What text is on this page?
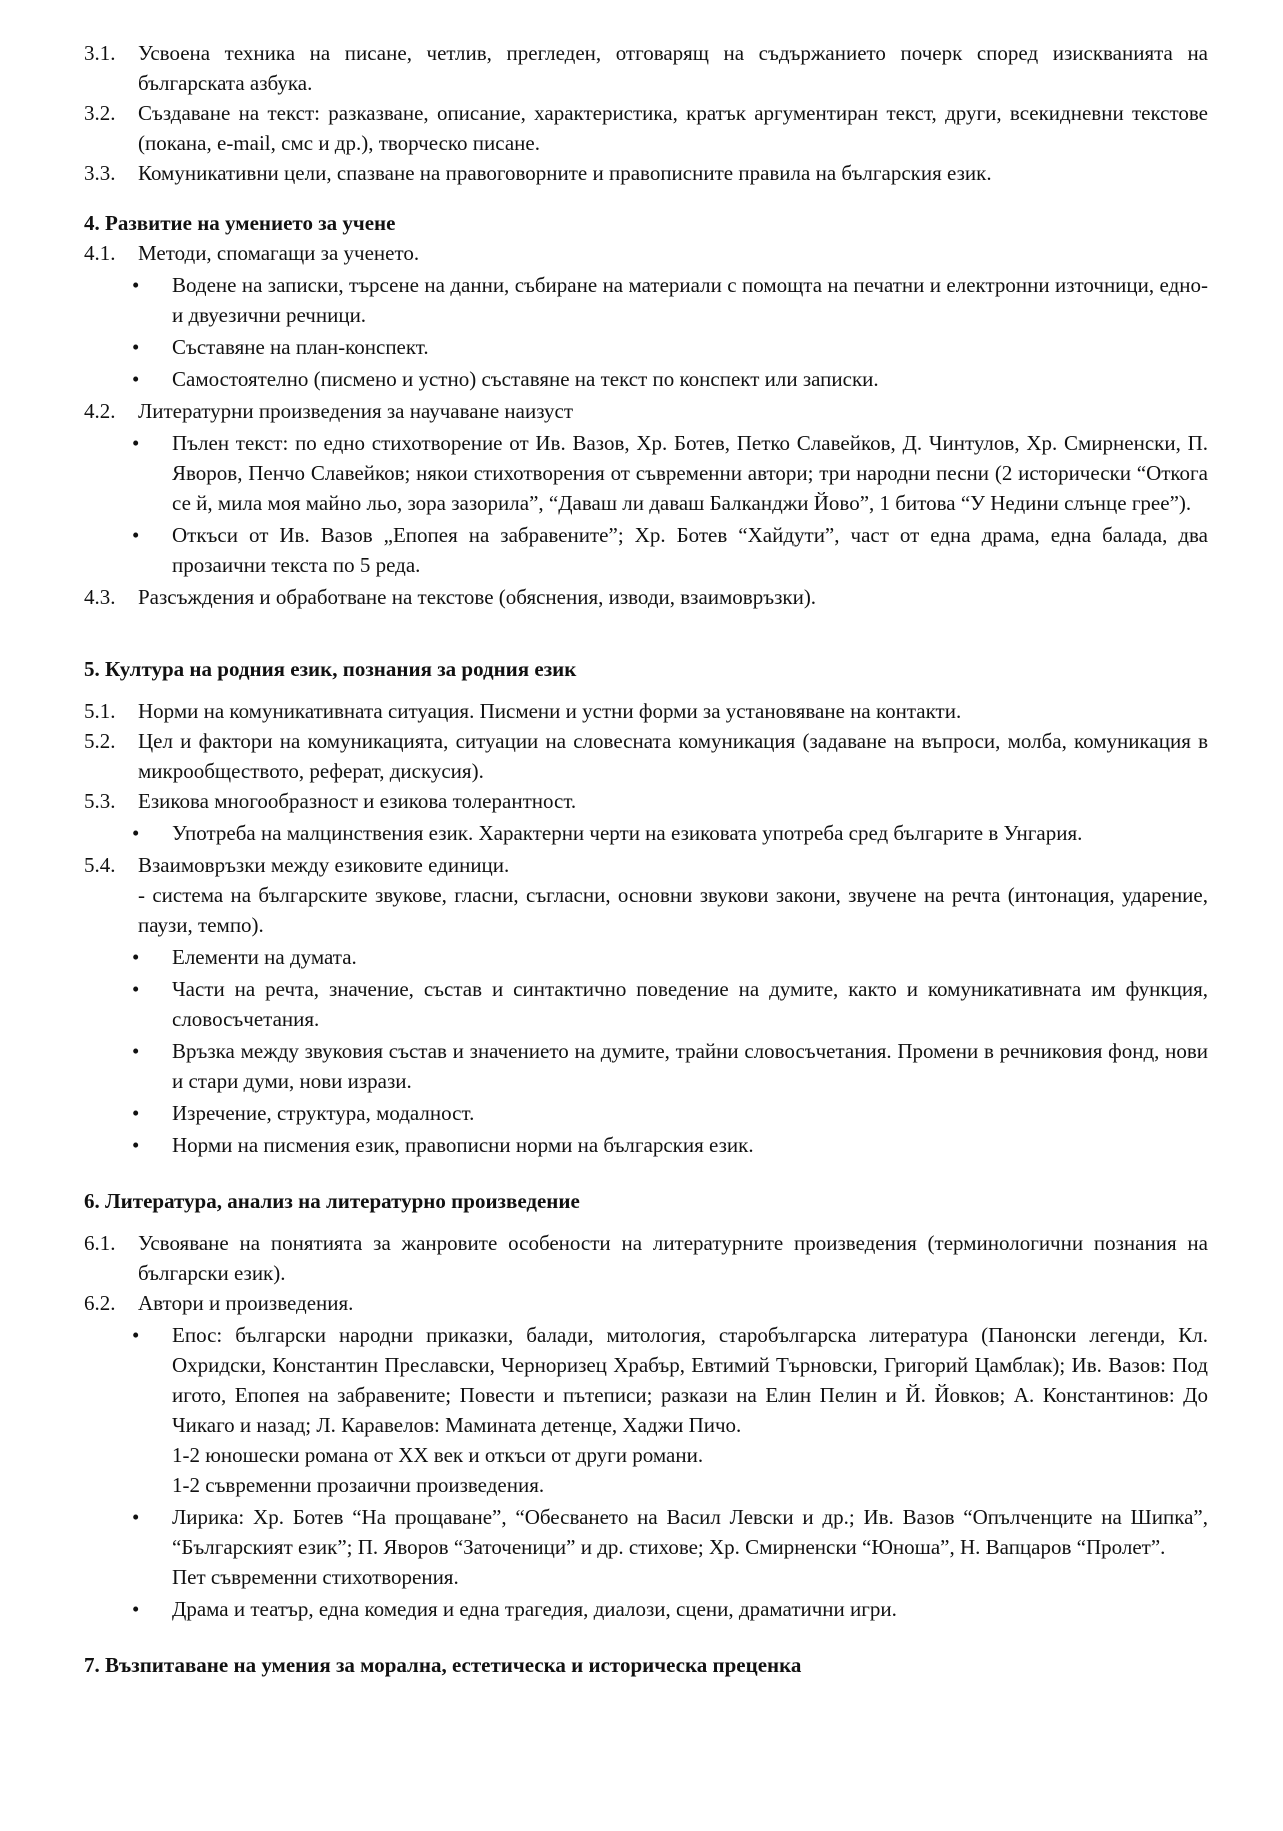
3.1. Усвоена техника на писане, четлив, прегледен, отговарящ на съдържанието почерк според изискванията на българската азбука.

3.2. Създаване на текст: разказване, описание, характеристика, кратък аргументиран текст, други, всекидневни текстове (покана, e-mail, смс и др.), творческо писане.

3.3. Комуникативни цели, спазване на правоговорните и правописните правила на българския език.

4. Развитие на умението за учене

4.1. Методи, спомагащи за ученето.

• Водене на записки, търсене на данни, събиране на материали с помощта на печатни и електронни източници, едно- и двуезични речници.
• Съставяне на план-конспект.
• Самостоятелно (писмено и устно) съставяне на текст по конспект или записки.

4.2. Литературни произведения за научаване наизуст

• Пълен текст: по едно стихотворение от Ив. Вазов, Хр. Ботев, Петко Славейков, Д. Чинтулов, Хр. Смирненски, П. Яворов, Пенчо Славейков; някои стихотворения от съвременни автори; три народни песни (2 исторически “Откога се й, мила моя майно льо, зора зазорила”, “Даваш ли даваш Балканджи Йово”, 1 битова “У Недини слънце грее”).
• Откъси от Ив. Вазов „Епопея на забравените”; Хр. Ботев “Хайдути”, част от една драма, една балада, два прозаични текста по 5 реда.

4.3. Разсъждения и обработване на текстове (обяснения, изводи, взаимовръзки).

5. Култура на родния език, познания за родния език

5.1. Норми на комуникативната ситуация. Писмени и устни форми за установяване на контакти.

5.2. Цел и фактори на комуникацията, ситуации на словесната комуникация (задаване на въпроси, молба, комуникация в микрообществото, реферат, дискусия).

5.3. Езикова многообразност и езикова толерантност.

• Употреба на малцинствения език. Характерни черти на езиковата употреба сред българите в Унгария.

5.4. Взаимовръзки между езиковите единици.

- система на българските звукове, гласни, съгласни, основни звукови закони, звучене на речта (интонация, ударение, паузи, темпо).

• Елементи на думата.
• Части на речта, значение, състав и синтактично поведение на думите, както и комуникативната им функция, словосъчетания.
• Връзка между звуковия състав и значението на думите, трайни словосъчетания. Промени в речниковия фонд, нови и стари думи, нови изрази.
• Изречение, структура, модалност.
• Норми на писмения език, правописни норми на българския език.

6. Литература, анализ на литературно произведение

6.1. Усвояване на понятията за жанровите особености на литературните произведения (терминологични познания на български език).

6.2. Автори и произведения.

• Епос: български народни приказки, балади, митология, старобългарска литература (Панонски легенди, Кл. Охридски, Константин Преславски, Черноризец Храбър, Евтимий Търновски, Григорий Цамблак); Ив. Вазов: Под игото, Епопея на забравените; Повести и пътеписи; разкази на Елин Пелин и Й. Йовков; А. Константинов: До Чикаго и назад; Л. Каравелов: Мамината детенце, Хаджи Пичо.
1-2 юношески романа от XX век и откъси от други романи.
1-2 съвременни прозаични произведения.
• Лирика: Хр. Ботев “На прощаване”, “Обесването на Васил Левски и др.; Ив. Вазов “Опълченците на Шипка”, “Българският език”; П. Яворов “Заточеници” и др. стихове; Хр. Смирненски “Юноша”, Н. Вапцаров “Пролет”.
Пет съвременни стихотворения.
• Драма и театър, една комедия и една трагедия, диалози, сцени, драматични игри.

7. Възпитаване на умения за морална, естетическа и историческа преценка
